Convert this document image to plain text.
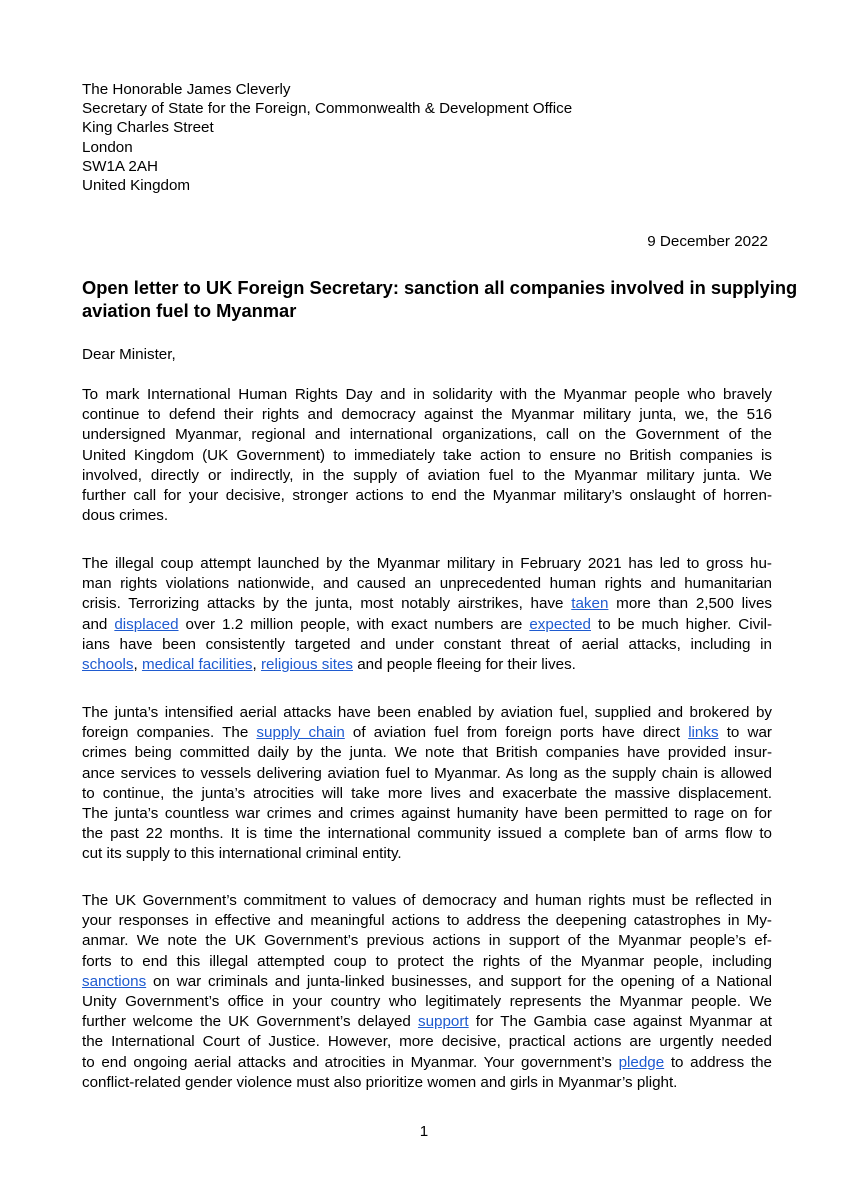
The Honorable James Cleverly
Secretary of State for the Foreign, Commonwealth & Development Office
King Charles Street
London
SW1A 2AH
United Kingdom
9 December 2022
Open letter to UK Foreign Secretary: sanction all companies involved in supplying
aviation fuel to Myanmar
Dear Minister,
To mark International Human Rights Day and in solidarity with the Myanmar people who bravely
continue to defend their rights and democracy against the Myanmar military junta, we, the 516
undersigned Myanmar, regional and international organizations, call on the Government of the
United Kingdom (UK Government) to immediately take action to ensure no British companies is
involved, directly or indirectly, in the supply of aviation fuel to the Myanmar military junta. We
further call for your decisive, stronger actions to end the Myanmar military’s onslaught of horren-
dous crimes.
The illegal coup attempt launched by the Myanmar military in February 2021 has led to gross hu-
man rights violations nationwide, and caused an unprecedented human rights and humanitarian
crisis. Terrorizing attacks by the junta, most notably airstrikes, have taken more than 2,500 lives
and displaced over 1.2 million people, with exact numbers are expected to be much higher. Civil-
ians have been consistently targeted and under constant threat of aerial attacks, including in
schools, medical facilities, religious sites and people fleeing for their lives.
The junta’s intensified aerial attacks have been enabled by aviation fuel, supplied and brokered by
foreign companies. The supply chain of aviation fuel from foreign ports have direct links to war
crimes being committed daily by the junta. We note that British companies have provided insur-
ance services to vessels delivering aviation fuel to Myanmar. As long as the supply chain is allowed
to continue, the junta’s atrocities will take more lives and exacerbate the massive displacement.
The junta’s countless war crimes and crimes against humanity have been permitted to rage on for
the past 22 months. It is time the international community issued a complete ban of arms flow to
cut its supply to this international criminal entity.
The UK Government’s commitment to values of democracy and human rights must be reflected in
your responses in effective and meaningful actions to address the deepening catastrophes in My-
anmar. We note the UK Government’s previous actions in support of the Myanmar people’s ef-
forts to end this illegal attempted coup to protect the rights of the Myanmar people, including
sanctions on war criminals and junta-linked businesses, and support for the opening of a National
Unity Government’s office in your country who legitimately represents the Myanmar people. We
further welcome the UK Government’s delayed support for The Gambia case against Myanmar at
the International Court of Justice. However, more decisive, practical actions are urgently needed
to end ongoing aerial attacks and atrocities in Myanmar. Your government’s pledge to address the
conflict-related gender violence must also prioritize women and girls in Myanmar’s plight.
1
